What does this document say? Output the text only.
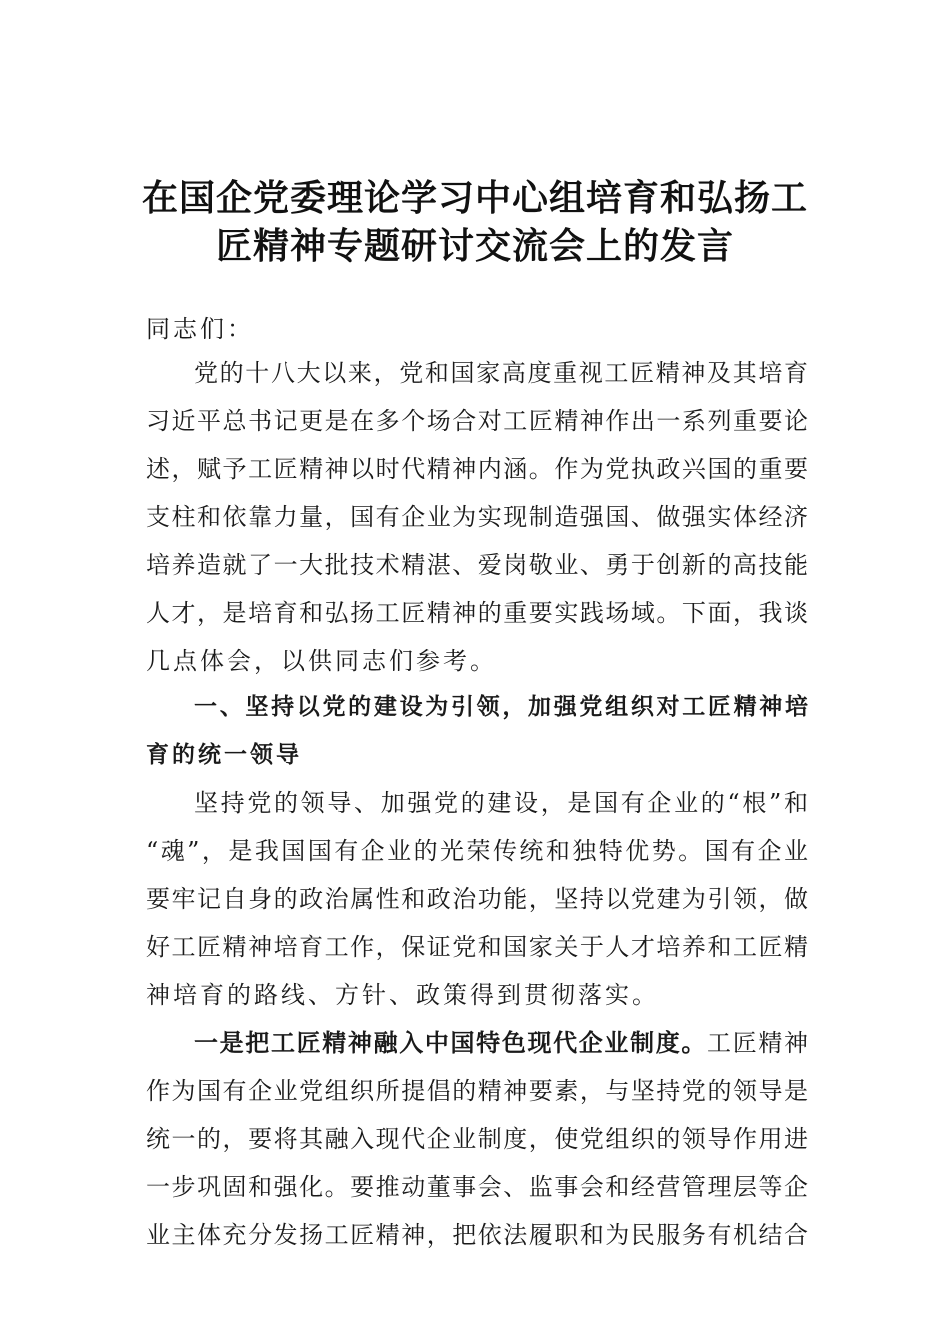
在国企党委理论学习中心组培育和弘扬工
匠精神专题研讨交流会上的发言
同志们：
党的十八大以来，党和国家高度重视工匠精神及其培育
习近平总书记更是在多个场合对工匠精神作出一系列重要论
述，赋予工匠精神以时代精神内涵。作为党执政兴国的重要
支柱和依靠力量，国有企业为实现制造强国、做强实体经济
培养造就了一大批技术精湛、爱岗敬业、勇于创新的高技能
人才，是培育和弘扬工匠精神的重要实践场域。下面，我谈
几点体会，以供同志们参考。
一、坚持以党的建设为引领，加强党组织对工匠精神培
育的统一领导
坚持党的领导、加强党的建设，是国有企业的“根”和
“魂”，是我国国有企业的光荣传统和独特优势。国有企业
要牢记自身的政治属性和政治功能，坚持以党建为引领，做
好工匠精神培育工作，保证党和国家关于人才培养和工匠精
神培育的路线、方针、政策得到贯彻落实。
一是把工匠精神融入中国特色现代企业制度。工匠精神
作为国有企业党组织所提倡的精神要素，与坚持党的领导是
统一的，要将其融入现代企业制度，使党组织的领导作用进
一步巩固和强化。要推动董事会、监事会和经营管理层等企
业主体充分发扬工匠精神，把依法履职和为民服务有机结合
